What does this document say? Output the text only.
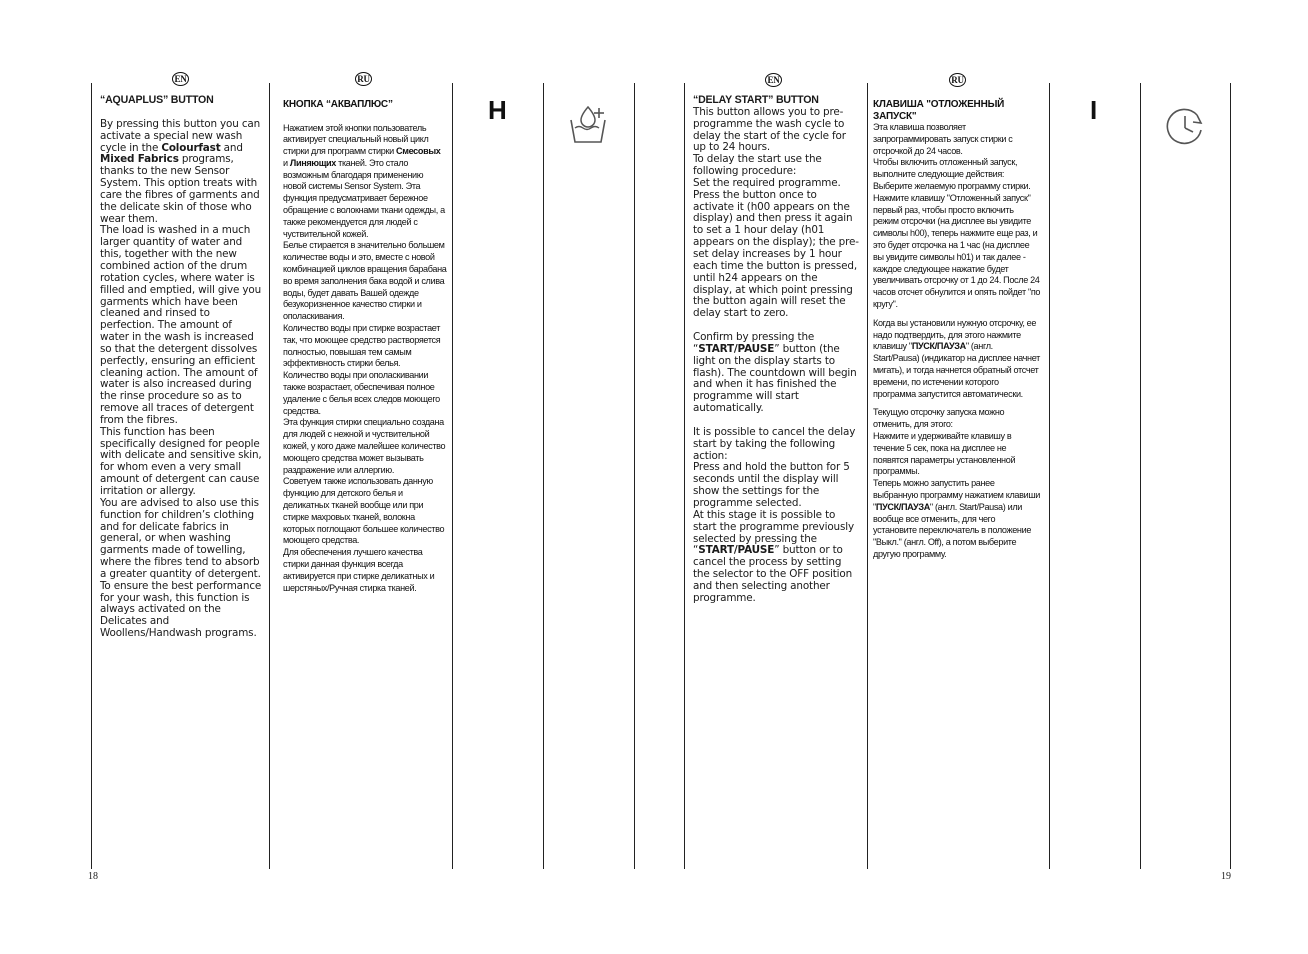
EN	RU	EN	RU
“AQUAPLUS” BUTTON

By pressing this button you can activate a special new wash cycle in the Colourfast and Mixed Fabrics programs, thanks to the new Sensor System. This option treats with care the fibres of garments and the delicate skin of those who wear them.

The load is washed in a much larger quantity of water and this, together with the new combined action of the drum rotation cycles, where water is filled and emptied, will give you garments which have been cleaned and rinsed to perfection. The amount of water in the wash is increased so that the detergent dissolves perfectly, ensuring an efficient cleaning action. The amount of water is also increased during the rinse procedure so as to remove all traces of detergent from the fibres.

This function has been specifically designed for people with delicate and sensitive skin, for whom even a very small amount of detergent can cause irritation or allergy.

You are advised to also use this function for children’s clothing and for delicate fabrics in general, or when washing garments made of towelling, where the fibres tend to absorb a greater quantity of detergent.

To ensure the best performance for your wash, this function is always activated on the Delicates and Woollens/Handwash programs.

КНОПКА “АКВАПЛЮС”

Нажатием этой кнопки пользователь активирует специальный новый цикл стирки для программ стирки Смесовых и Линяющих тканей. Это стало возможным благодаря применению новой системы Sensor System. Эта функция предусматривает бережное обращение с волокнами ткани одежды, а также рекомендуется для людей с чуствительной кожей.

Белье стирается в значительно большем количестве воды и это, вместе с новой комбинацией циклов вращения барабана во время заполнения бака водой и слива воды, будет давать Вашей одежде безукоризненное качество стирки и ополаскивания.

Количество воды при стирке возрастает так, что моющее средство растворяется полностью, повышая тем самым эффективность стирки белья.

Количество воды при ополаскивании также возрастает, обеспечивая полное удаление с белья всех следов моющего средства.

Эта функция стирки специально создана для людей с нежной и чуствительной кожей, у кого даже малейшее количество моющего средства может вызывать раздражение или аллергию.

Советуем также использовать данную функцию для детского белья и деликатных тканей вообще или при стирке махровых тканей, волокна которых поглощают большее количество моющего средства.

Для обеспечения лучшего качества стирки данная функция всегда активируется при стирке деликатных и шерстяных/Ручная стирка тканей.

H	“DELAY START” BUTTON

This button allows you to pre-programme the wash cycle to delay the start of the cycle for up to 24 hours.

To delay the start use the following procedure:

Set the required programme.

Press the button once to activate it (h00 appears on the display) and then press it again to set a 1 hour delay (h01 appears on the display); the pre-set delay increases by 1 hour each time the button is pressed, until h24 appears on the display, at which point pressing the button again will reset the delay start to zero.

Confirm by pressing the “START/PAUSE” button (the light on the display starts to flash). The countdown will begin and when it has finished the programme will start automatically.

It is possible to cancel the delay start by taking the following action:

Press and hold the button for 5 seconds until the display will show the settings for the programme selected.

At this stage it is possible to start the programme previously selected by pressing the “START/PAUSE” button or to cancel the process by setting the selector to the OFF position and then selecting another programme.

КЛАВИША "ОТЛОЖЕННЫЙ ЗАПУСК"

Эта клавиша позволяет запрограммировать запуск стирки с отсрочкой до 24 часов.

Чтобы включить отложенный запуск, выполните следующие действия:

Выберите желаемую программу стирки.

Нажмите клавишу "Отложенный запуск" первый раз, чтобы просто включить режим отсрочки (на дисплее вы увидите символы h00), теперь нажмите еще раз, и это будет отсрочка на 1 час (на дисплее вы увидите символы h01) и так далее - каждое следующее нажатие будет увеличивать отсрочку от 1 до 24. После 24 часов отсчет обнулится и опять пойдет "по кругу".

Когда вы установили нужную отсрочку, ее надо подтвердить, для этого нажмите клавишу "ПУСК/ПАУЗА" (англ. Start/Pausa) (индикатор на дисплее начнет мигать), и тогда начнется обратный отсчет времени, по истечении которого программа запустится автоматически.

Текущую отсрочку запуска можно отменить, для этого:

Нажмите и удерживайте клавишу в течение 5 сек, пока на дисплее не появятся параметры установленной программы.

Теперь можно запустить ранее выбранную программу нажатием клавиши "ПУСК/ПАУЗА" (англ. Start/Pausa) или вообще все отменить, для чего установите переключатель в положение "Выкл." (англ. Off), а потом выберите другую программу.

I
18	19
